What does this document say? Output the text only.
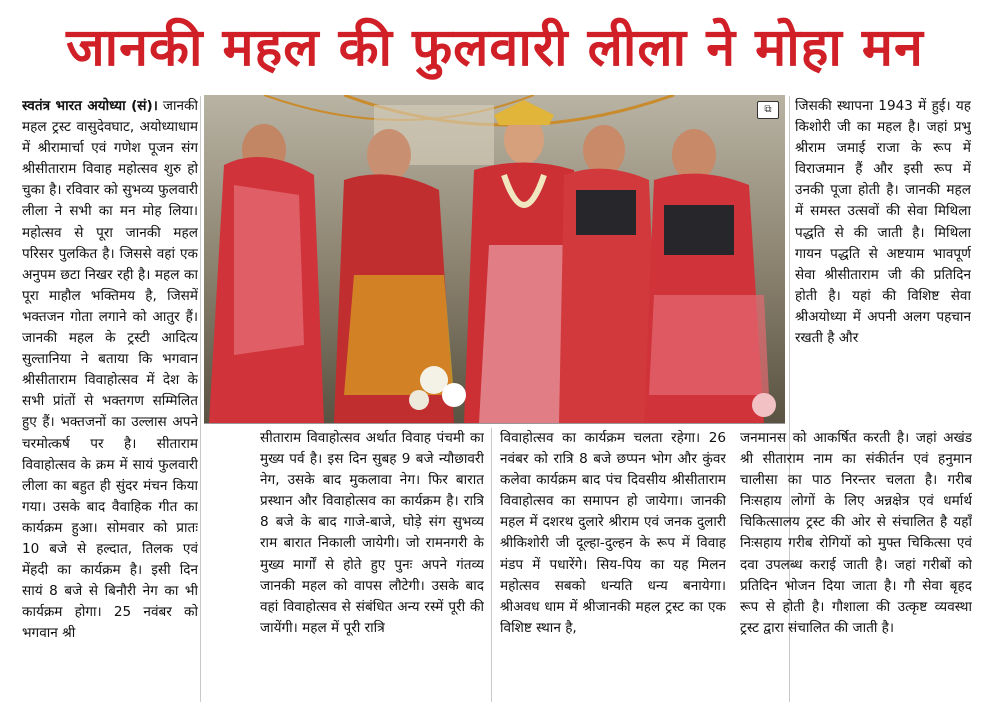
जानकी महल की फुलवारी लीला ने मोहा मन

स्वतंत्र भारत अयोध्या (सं)। जानकी महल ट्रस्ट वासुदेवघाट, अयोध्याधाम में श्रीरामार्चा एवं गणेश पूजन संग श्रीसीताराम विवाह महोत्सव शुरु हो चुका है। रविवार को सुभव्य फुलवारी लीला ने सभी का मन मोह लिया। महोत्सव से पूरा जानकी महल परिसर पुलकित है। जिससे वहां एक अनुपम छटा निखर रही है। महल का पूरा माहौल भक्तिमय है, जिसमें भक्तजन गोता लगाने को आतुर हैं। जानकी महल के ट्रस्टी आदित्य सुल्तानिया ने बताया कि भगवान श्रीसीताराम विवाहोत्सव में देश के सभी प्रांतों से भक्तगण सम्मिलित हुए हैं। भक्तजनों का उल्लास अपने चरमोत्कर्ष पर है। सीताराम विवाहोत्सव के क्रम में सायं फुलवारी लीला का बहुत ही सुंदर मंचन किया गया। उसके बाद वैवाहिक गीत का कार्यक्रम हुआ। सोमवार को प्रातः 10 बजे से हल्दात, तिलक एवं मेंहदी का कार्यक्रम है। इसी दिन सायं 8 बजे से बिनौरी नेग का भी कार्यक्रम होगा। 25 नवंबर को भगवान श्री

⧉

सीताराम विवाहोत्सव अर्थात विवाह पंचमी का मुख्य पर्व है। इस दिन सुबह 9 बजे न्यौछावरी नेग, उसके बाद मुकलावा नेग। फिर बारात प्रस्थान और विवाहोत्सव का कार्यक्रम है। रात्रि 8 बजे के बाद गाजे-बाजे, घोड़े संग सुभव्य राम बारात निकाली जायेगी। जो रामनगरी के मुख्य मार्गों से होते हुए पुनः अपने गंतव्य जानकी महल को वापस लौटेगी। उसके बाद वहां विवाहोत्सव से संबंधित अन्य रस्में पूरी की जायेंगी। महल में पूरी रात्रि

विवाहोत्सव का कार्यक्रम चलता रहेगा। 26 नवंबर को रात्रि 8 बजे छप्पन भोग और कुंवर कलेवा कार्यक्रम बाद पंच दिवसीय श्रीसीताराम विवाहोत्सव का समापन हो जायेगा। जानकी महल में दशरथ दुलारे श्रीराम एवं जनक दुलारी श्रीकिशोरी जी दूल्हा-दुल्हन के रूप में विवाह मंडप में पधारेंगे। सिय-पिय का यह मिलन महोत्सव सबको धन्यति धन्य बनायेगा। श्रीअवध धाम में श्रीजानकी महल ट्रस्ट का एक विशिष्ट स्थान है,

जिसकी स्थापना 1943 में हुई। यह किशोरी जी का महल है। जहां प्रभु श्रीराम जमाई राजा के रूप में विराजमान हैं और इसी रूप में उनकी पूजा होती है। जानकी महल में समस्त उत्सवों की सेवा मिथिला पद्धति से की जाती है। मिथिला गायन पद्धति से अष्टयाम भावपूर्ण सेवा श्रीसीताराम जी की प्रतिदिन होती है। यहां की विशिष्ट सेवा श्रीअयोध्या में अपनी अलग पहचान रखती है और

जनमानस को आकर्षित करती है। जहां अखंड श्री सीताराम नाम का संकीर्तन एवं हनुमान चालीसा का पाठ निरन्तर चलता है। गरीब निःसहाय लोगों के लिए अन्नक्षेत्र एवं धर्मार्थ चिकित्सालय ट्रस्ट की ओर से संचालित है यहाँ निःसहाय गरीब रोगियों को मुफ्त चिकित्सा एवं दवा उपलब्ध कराई जाती है। जहां गरीबों को प्रतिदिन भोजन दिया जाता है। गौ सेवा बृहद रूप से होती है। गौशाला की उत्कृष्ट व्यवस्था ट्रस्ट द्वारा संचालित की जाती है।
